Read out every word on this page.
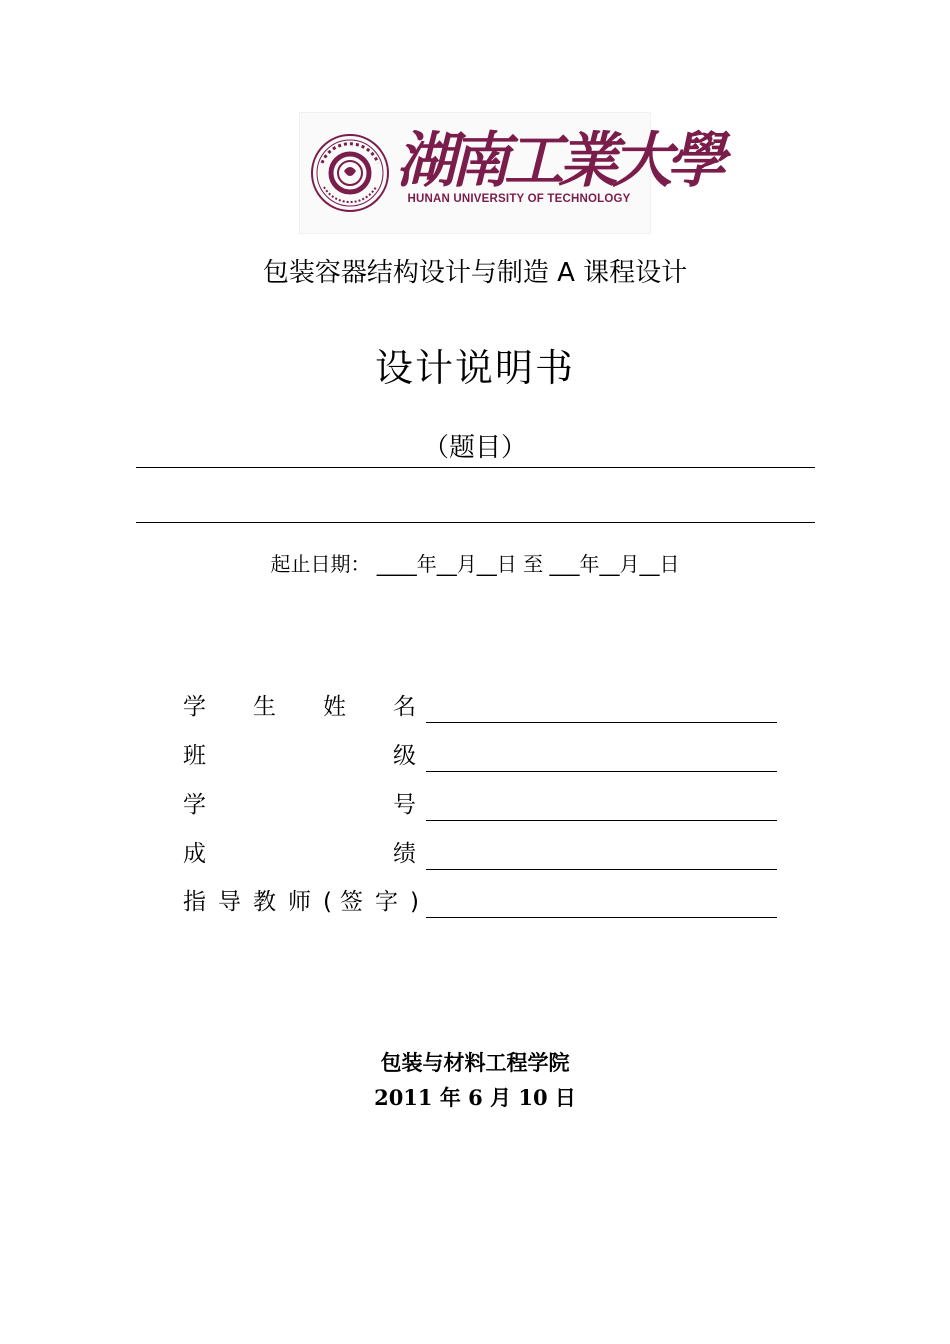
湖南工業大學
HUNAN UNIVERSITY OF TECHNOLOGY
包装容器结构设计与制造 A 课程设计
设计说明书
（题目）
起止日期： ____年__月__日 至 ___年__月__日
学 生 姓 名
班	级
学	号
成	绩
指 导 教 师 ( 签 字 )
包装与材料工程学院
2011 年 6 月 10 日
